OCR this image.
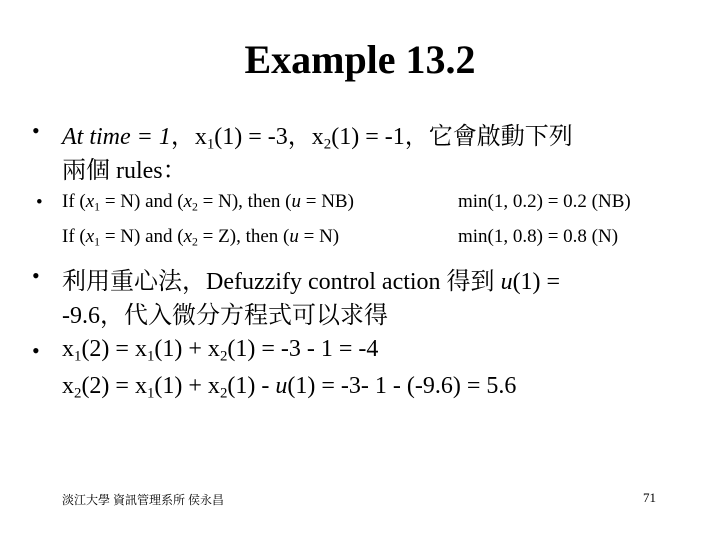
Example 13.2
• At time = 1，$x_1(1) = -3$，$x_2(1) = -1$，它會啟動下列
兩個 rules：
• If $(x_1 = N)$ and $(x_2 = N)$, then (u = NB)	min(1, 0.2) = 0.2 (NB)
If $(x_1 = N)$ and $(x_2 = Z)$, then (u = N)	min(1, 0.8) = 0.8 (N)
• 利用重心法，Defuzzify control action 得到 u(1) =
-9.6，代入微分方程式可以求得
• $x_1(2) = x_1(1) + x_2(1) = -3 - 1 = -4$
$x_2(2) = x_1(1) + x_2(1) - u(1) = -3-$ 1 - (-9.6) = 5.6
淡江大學 資訊管理系所 侯永昌	71
